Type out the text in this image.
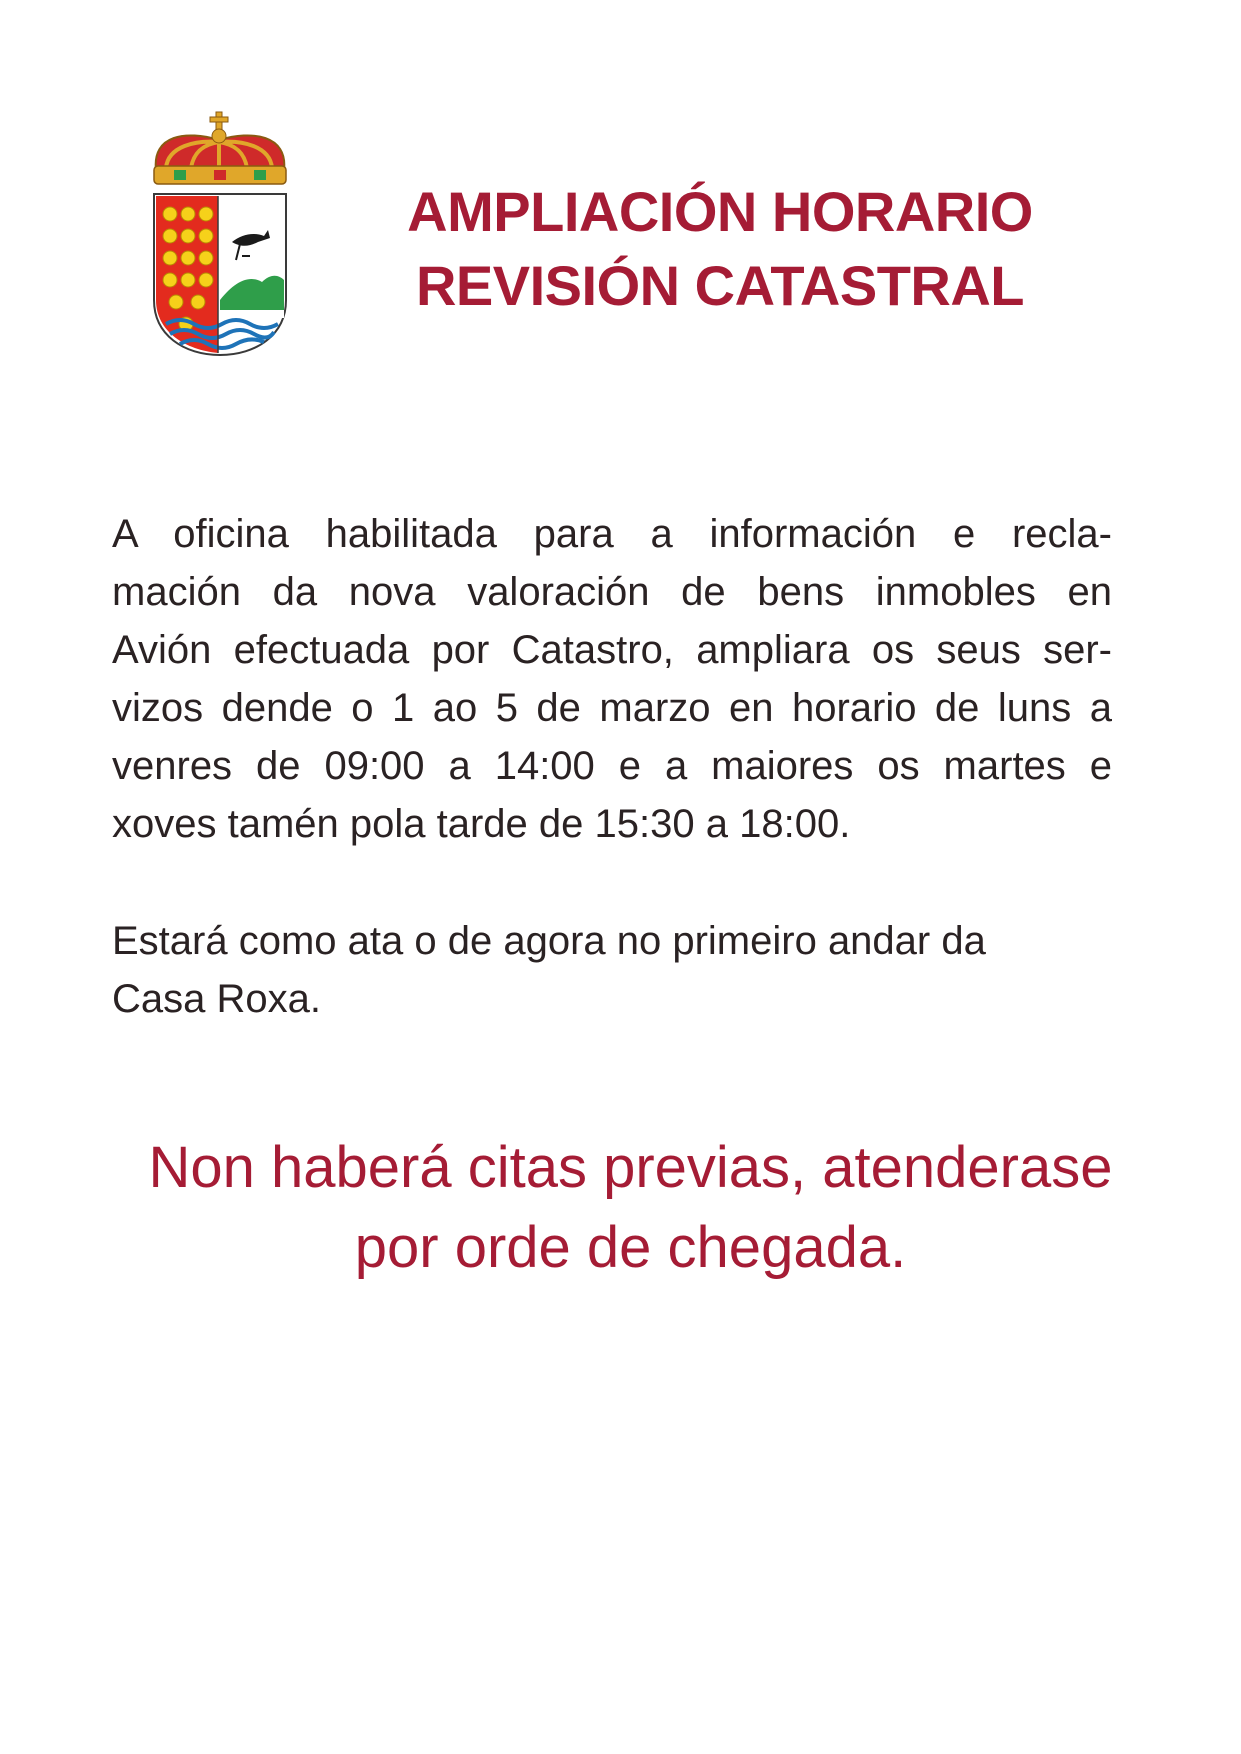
AMPLIACIÓN HORARIO
REVISIÓN CATASTRAL

A oficina habilitada para a información e recla-
mación da nova valoración de bens inmobles en
Avión efectuada por Catastro, ampliara os seus ser-
vizos dende o 1 ao 5 de marzo en horario de luns a
venres de 09:00 a 14:00 e a maiores os martes e
xoves tamén pola tarde de 15:30 a 18:00.

Estará como ata o de agora no primeiro andar da
Casa Roxa.

Non haberá citas previas, atenderase
por orde de chegada.
